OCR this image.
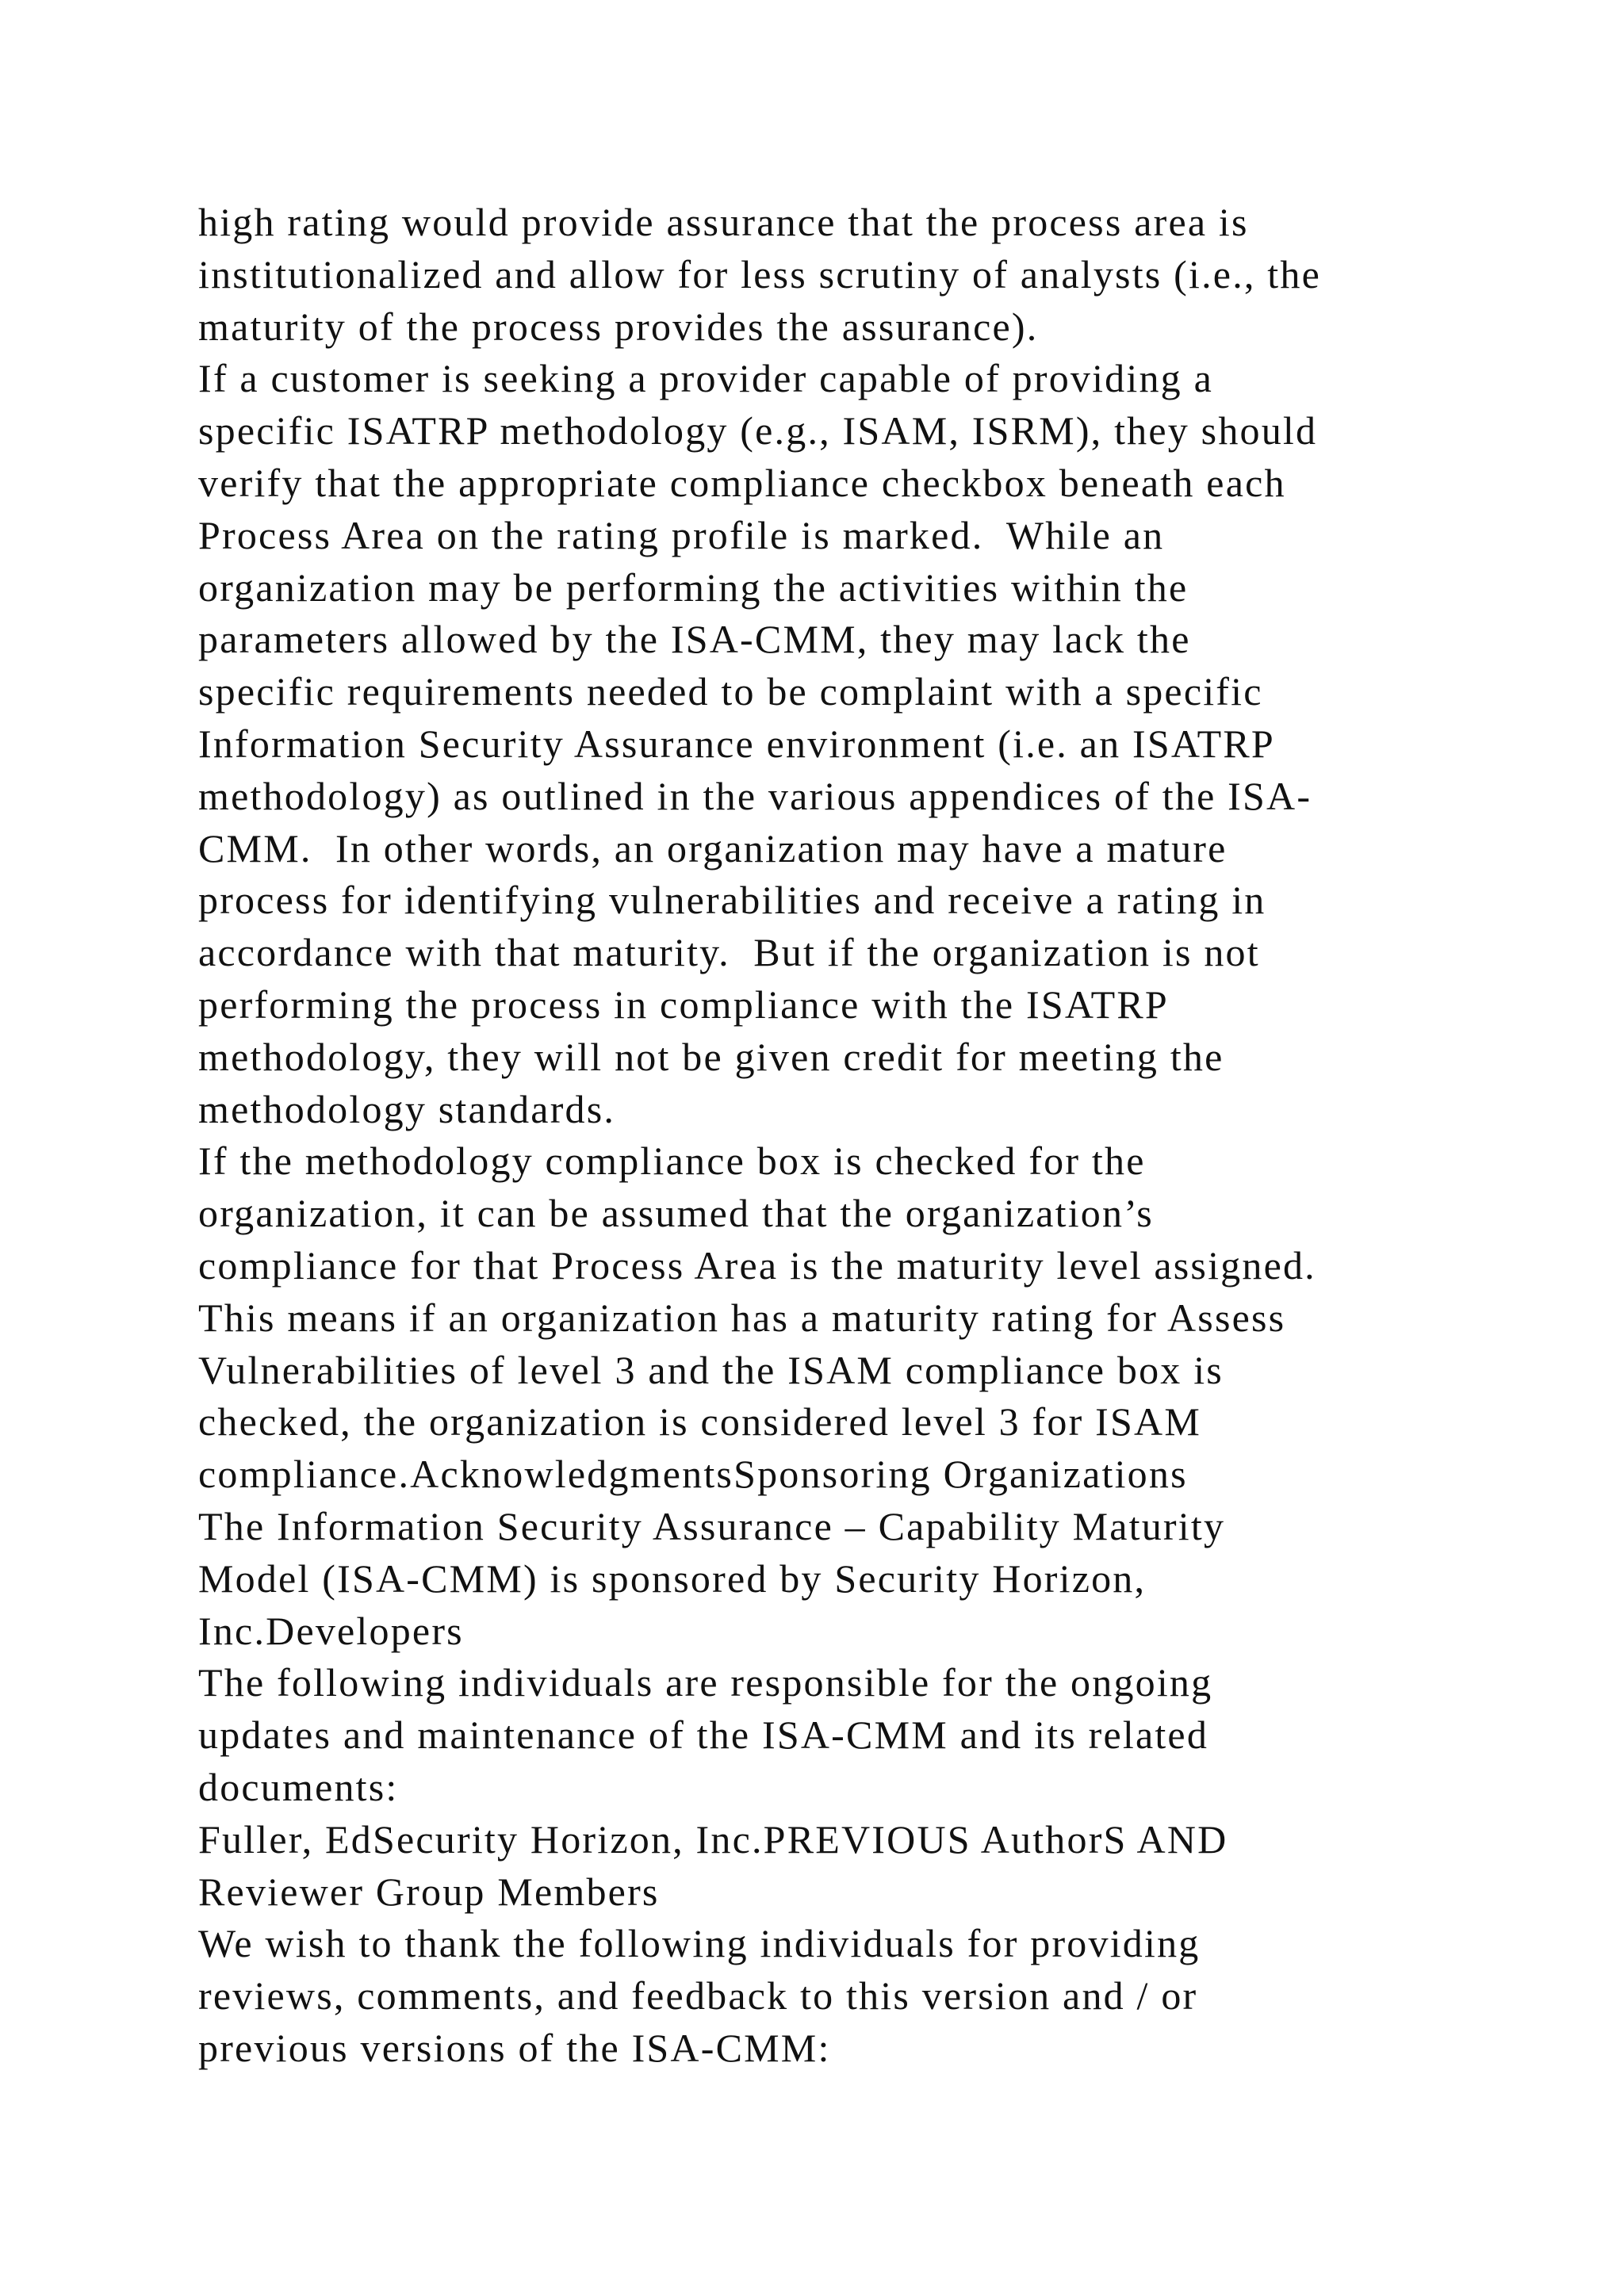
high rating would provide assurance that the process area is
institutionalized and allow for less scrutiny of analysts (i.e., the
maturity of the process provides the assurance).
If a customer is seeking a provider capable of providing a
specific ISATRP methodology (e.g., ISAM, ISRM), they should
verify that the appropriate compliance checkbox beneath each
Process Area on the rating profile is marked.  While an
organization may be performing the activities within the
parameters allowed by the ISA-CMM, they may lack the
specific requirements needed to be complaint with a specific
Information Security Assurance environment (i.e. an ISATRP
methodology) as outlined in the various appendices of the ISA-
CMM.  In other words, an organization may have a mature
process for identifying vulnerabilities and receive a rating in
accordance with that maturity.  But if the organization is not
performing the process in compliance with the ISATRP
methodology, they will not be given credit for meeting the
methodology standards.
If the methodology compliance box is checked for the
organization, it can be assumed that the organization’s
compliance for that Process Area is the maturity level assigned.
This means if an organization has a maturity rating for Assess
Vulnerabilities of level 3 and the ISAM compliance box is
checked, the organization is considered level 3 for ISAM
compliance.AcknowledgmentsSponsoring Organizations
The Information Security Assurance – Capability Maturity
Model (ISA-CMM) is sponsored by Security Horizon,
Inc.Developers
The following individuals are responsible for the ongoing
updates and maintenance of the ISA-CMM and its related
documents:
Fuller, EdSecurity Horizon, Inc.PREVIOUS AuthorS AND
Reviewer Group Members
We wish to thank the following individuals for providing
reviews, comments, and feedback to this version and / or
previous versions of the ISA-CMM:
